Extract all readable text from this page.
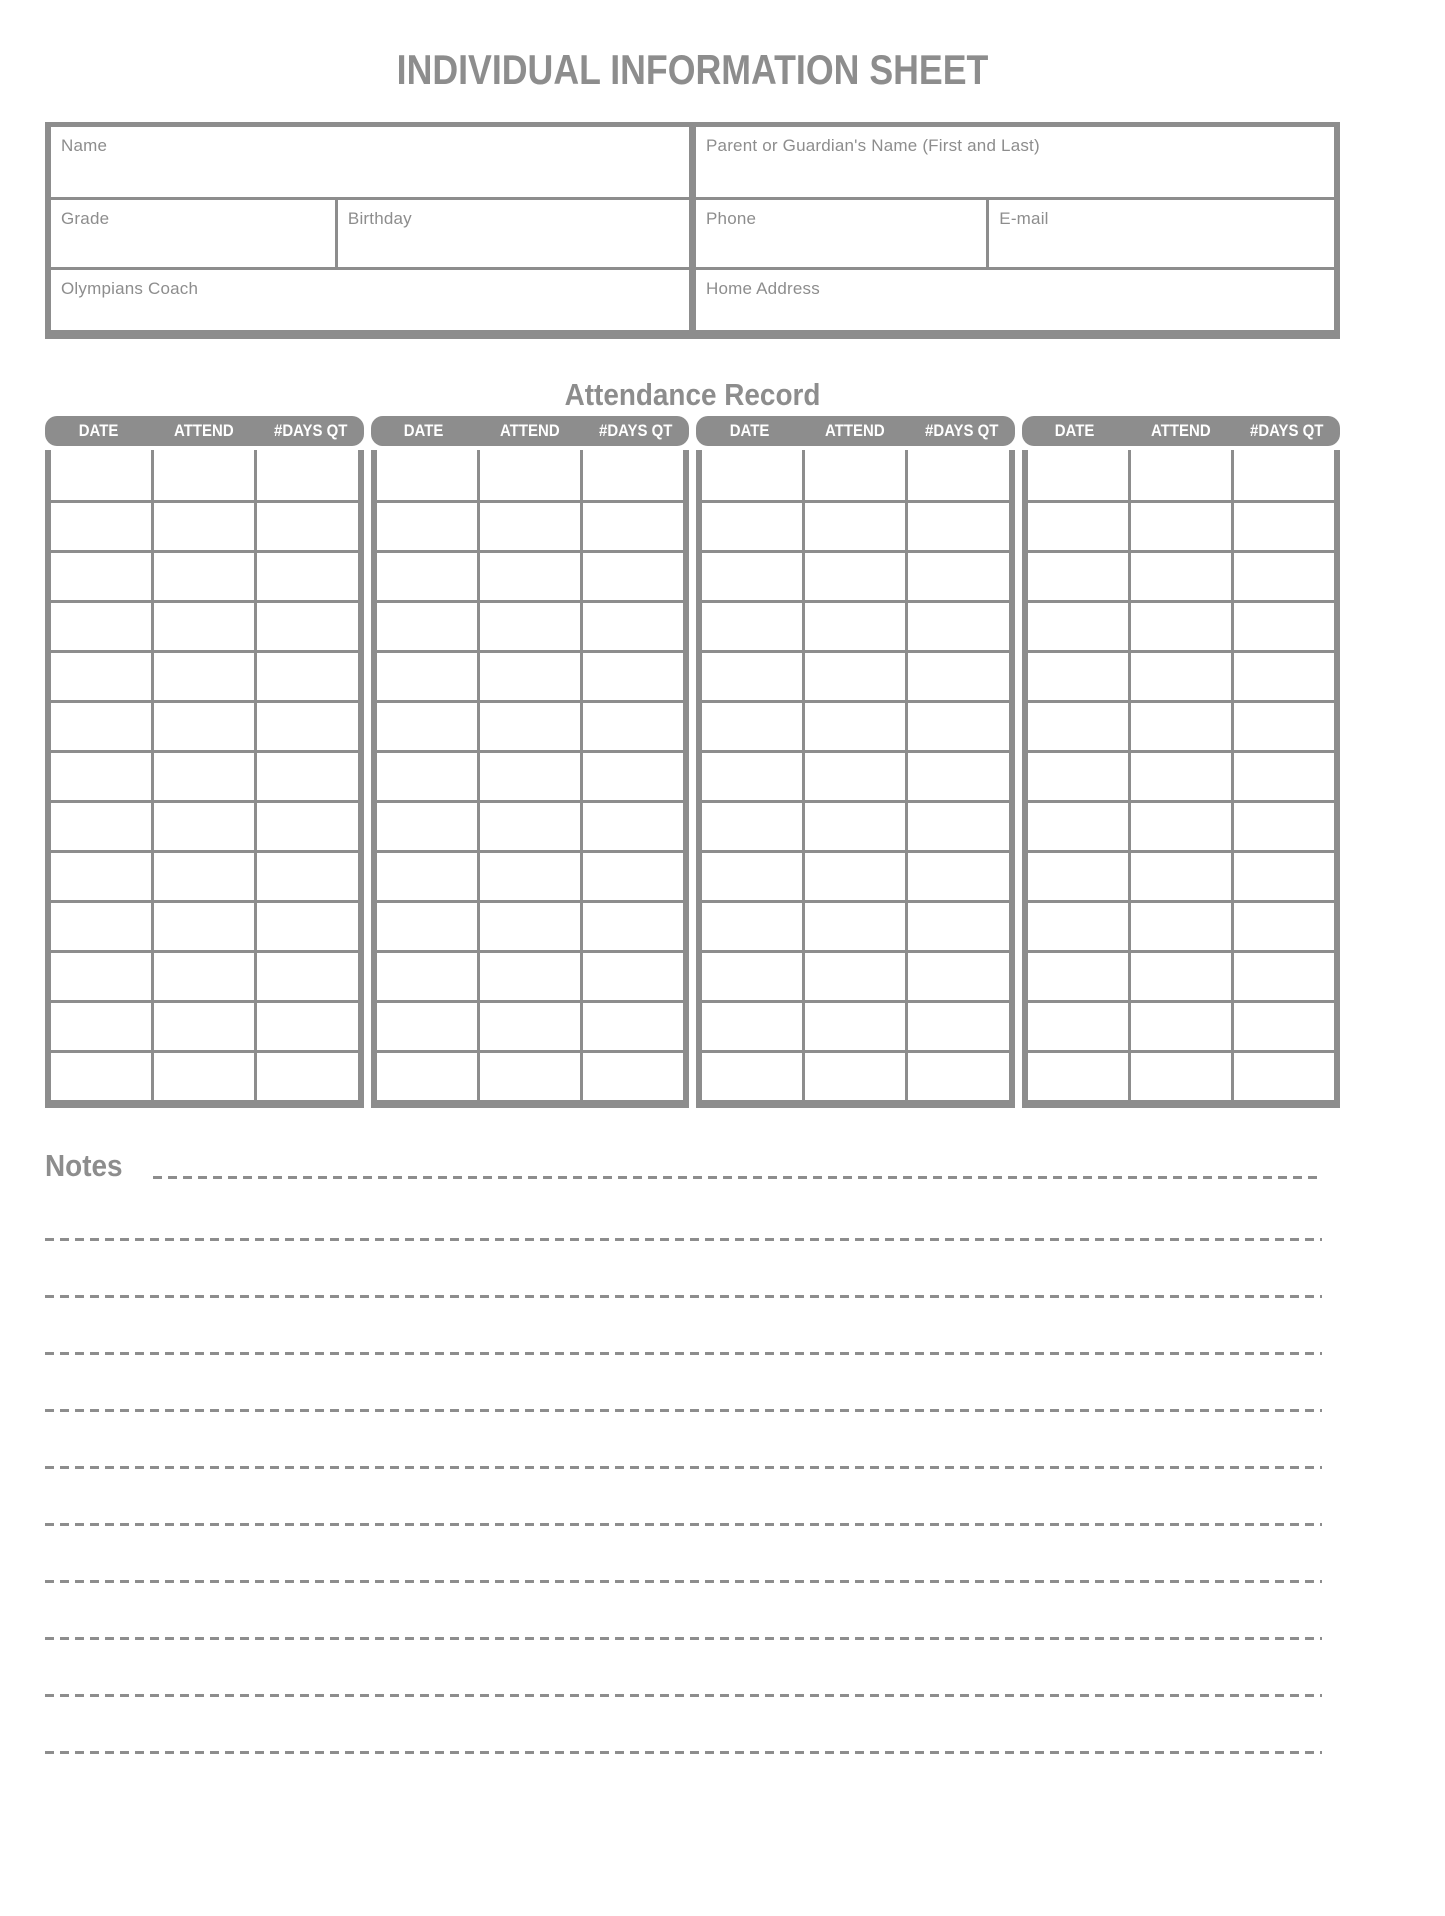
INDIVIDUAL INFORMATION SHEET
Name	Parent or Guardian's Name (First and Last)
Grade	Birthday	Phone	E-mail
Olympians Coach	Home Address
Attendance Record
DATE	ATTEND	#DAYS QT	DATE	ATTEND	#DAYS QT	DATE	ATTEND	#DAYS QT	DATE	ATTEND	#DAYS QT
Notes
